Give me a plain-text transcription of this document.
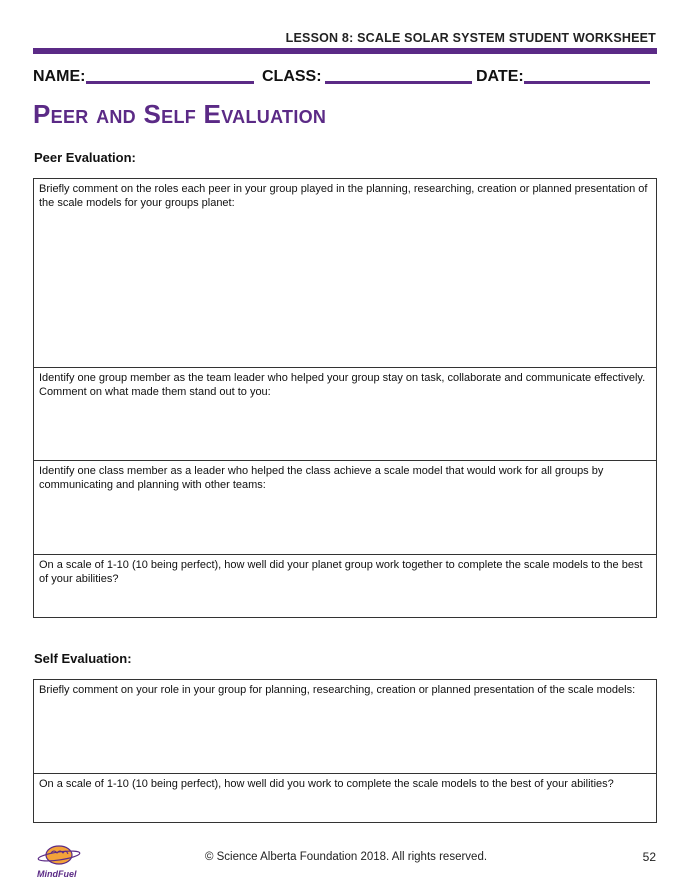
LESSON 8: SCALE SOLAR SYSTEM STUDENT WORKSHEET
NAME:	CLASS:	DATE:
Peer and Self Evaluation
Peer Evaluation:
Briefly comment on the roles each peer in your group played in the planning, researching, creation or planned presentation of the scale models for your groups planet:
Identify one group member as the team leader who helped your group stay on task, collaborate and communicate effectively. Comment on what made them stand out to you:
Identify one class member as a leader who helped the class achieve a scale model that would work for all groups by communicating and planning with other teams:
On a scale of 1-10 (10 being perfect), how well did your planet group work together to complete the scale models to the best of your abilities?
Self Evaluation:
Briefly comment on your role in your group for planning, researching, creation or planned presentation of the scale models:
On a scale of 1-10 (10 being perfect), how well did you work to complete the scale models to the best of your abilities?
MindFuel
© Science Alberta Foundation 2018. All rights reserved.	52
